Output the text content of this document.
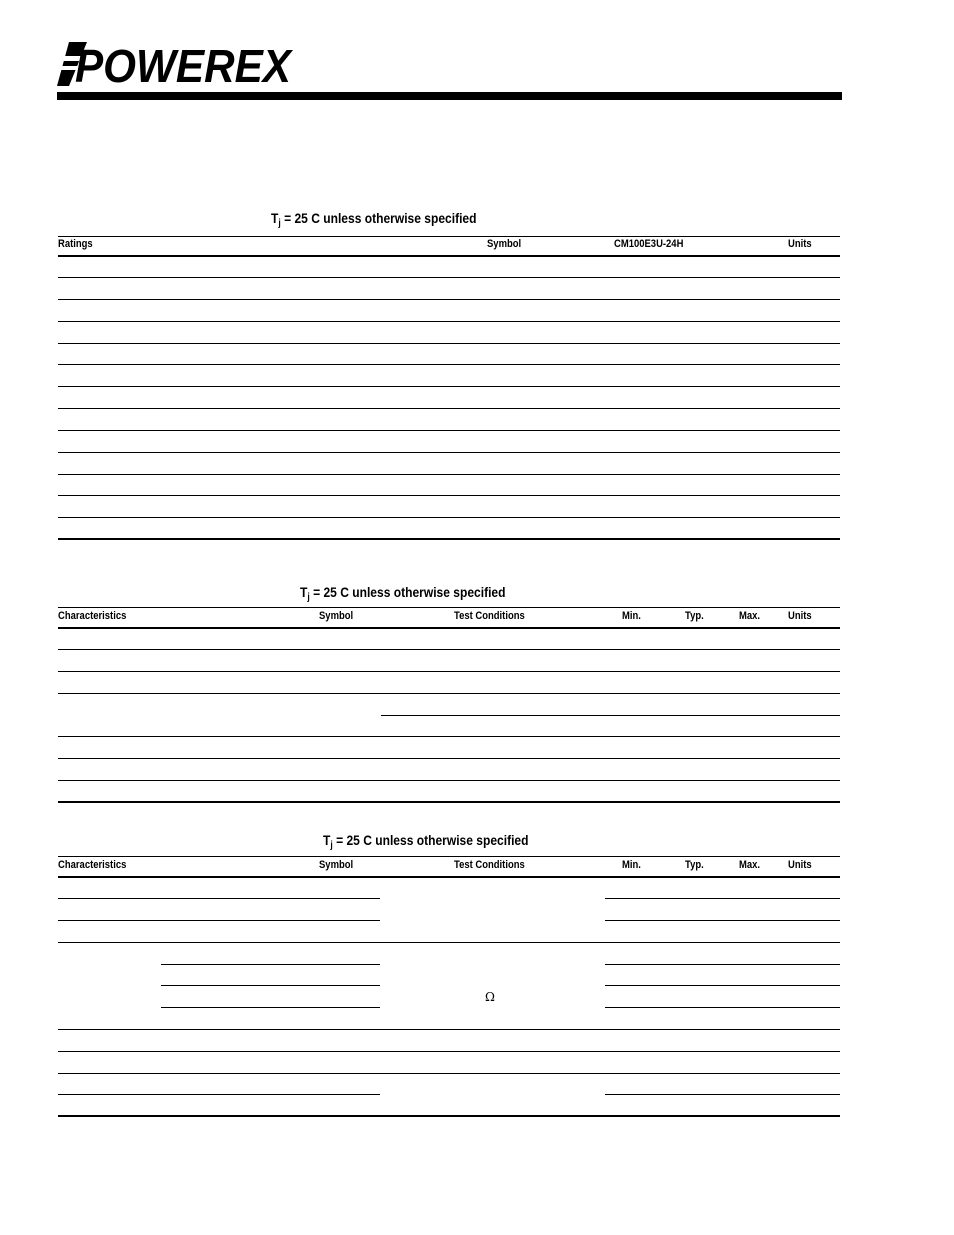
POWEREX
$T_j = 25$ C unless otherwise specified
Ratings	Symbol	CM100E3U-24H	Units
$T_j = 25$ C unless otherwise specified
Characteristics	Symbol	Test Conditions	Min.	Typ.	Max.	Units
$T_j = 25$ C unless otherwise specified
Characteristics	Symbol	Test Conditions	Min.	Typ.	Max.	Units
Ω
